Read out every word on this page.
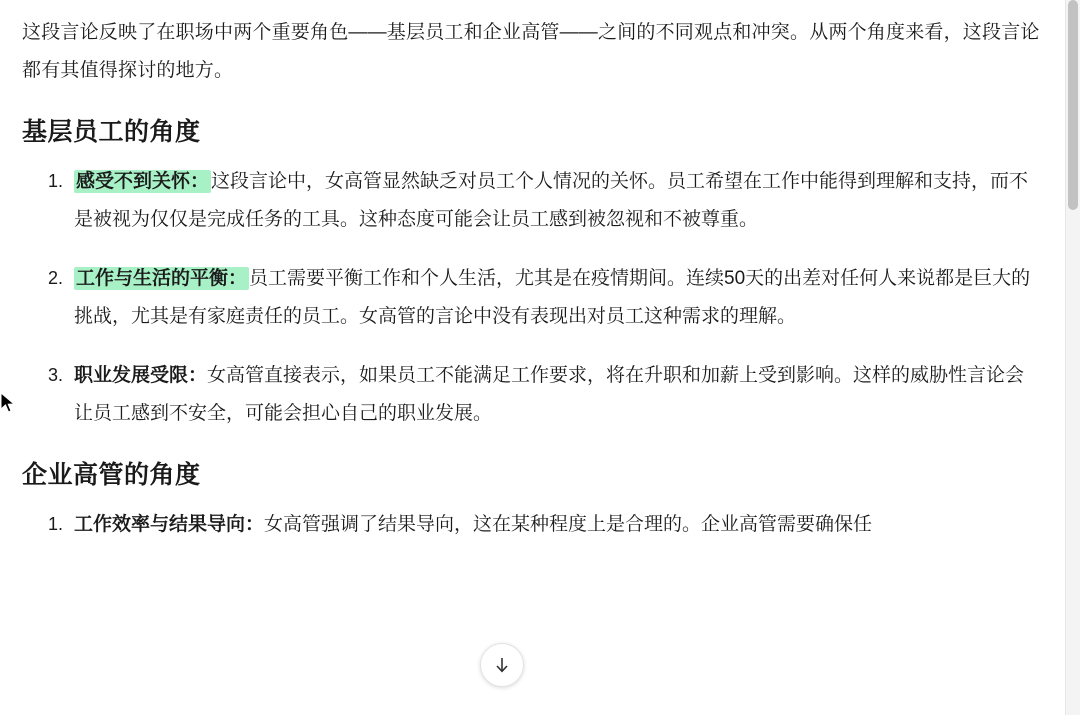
这段言论反映了在职场中两个重要角色——基层员工和企业高管——之间的不同观点和冲突。从两个角度来看，这段言论都有其值得探讨的地方。

基层员工的角度
1. 感受不到关怀： 这段言论中，女高管显然缺乏对员工个人情况的关怀。员工希望在工作中能得到理解和支持，而不是被视为仅仅是完成任务的工具。这种态度可能会让员工感到被忽视和不被尊重。
2. 工作与生活的平衡： 员工需要平衡工作和个人生活，尤其是在疫情期间。连续50天的出差对任何人来说都是巨大的挑战，尤其是有家庭责任的员工。女高管的言论中没有表现出对员工这种需求的理解。
3. 职业发展受限：女高管直接表示，如果员工不能满足工作要求，将在升职和加薪上受到影响。这样的威胁性言论会让员工感到不安全，可能会担心自己的职业发展。
企业高管的角度
1. 工作效率与结果导向：女高管强调了结果导向，这在某种程度上是合理的。企业高管需要确保任
